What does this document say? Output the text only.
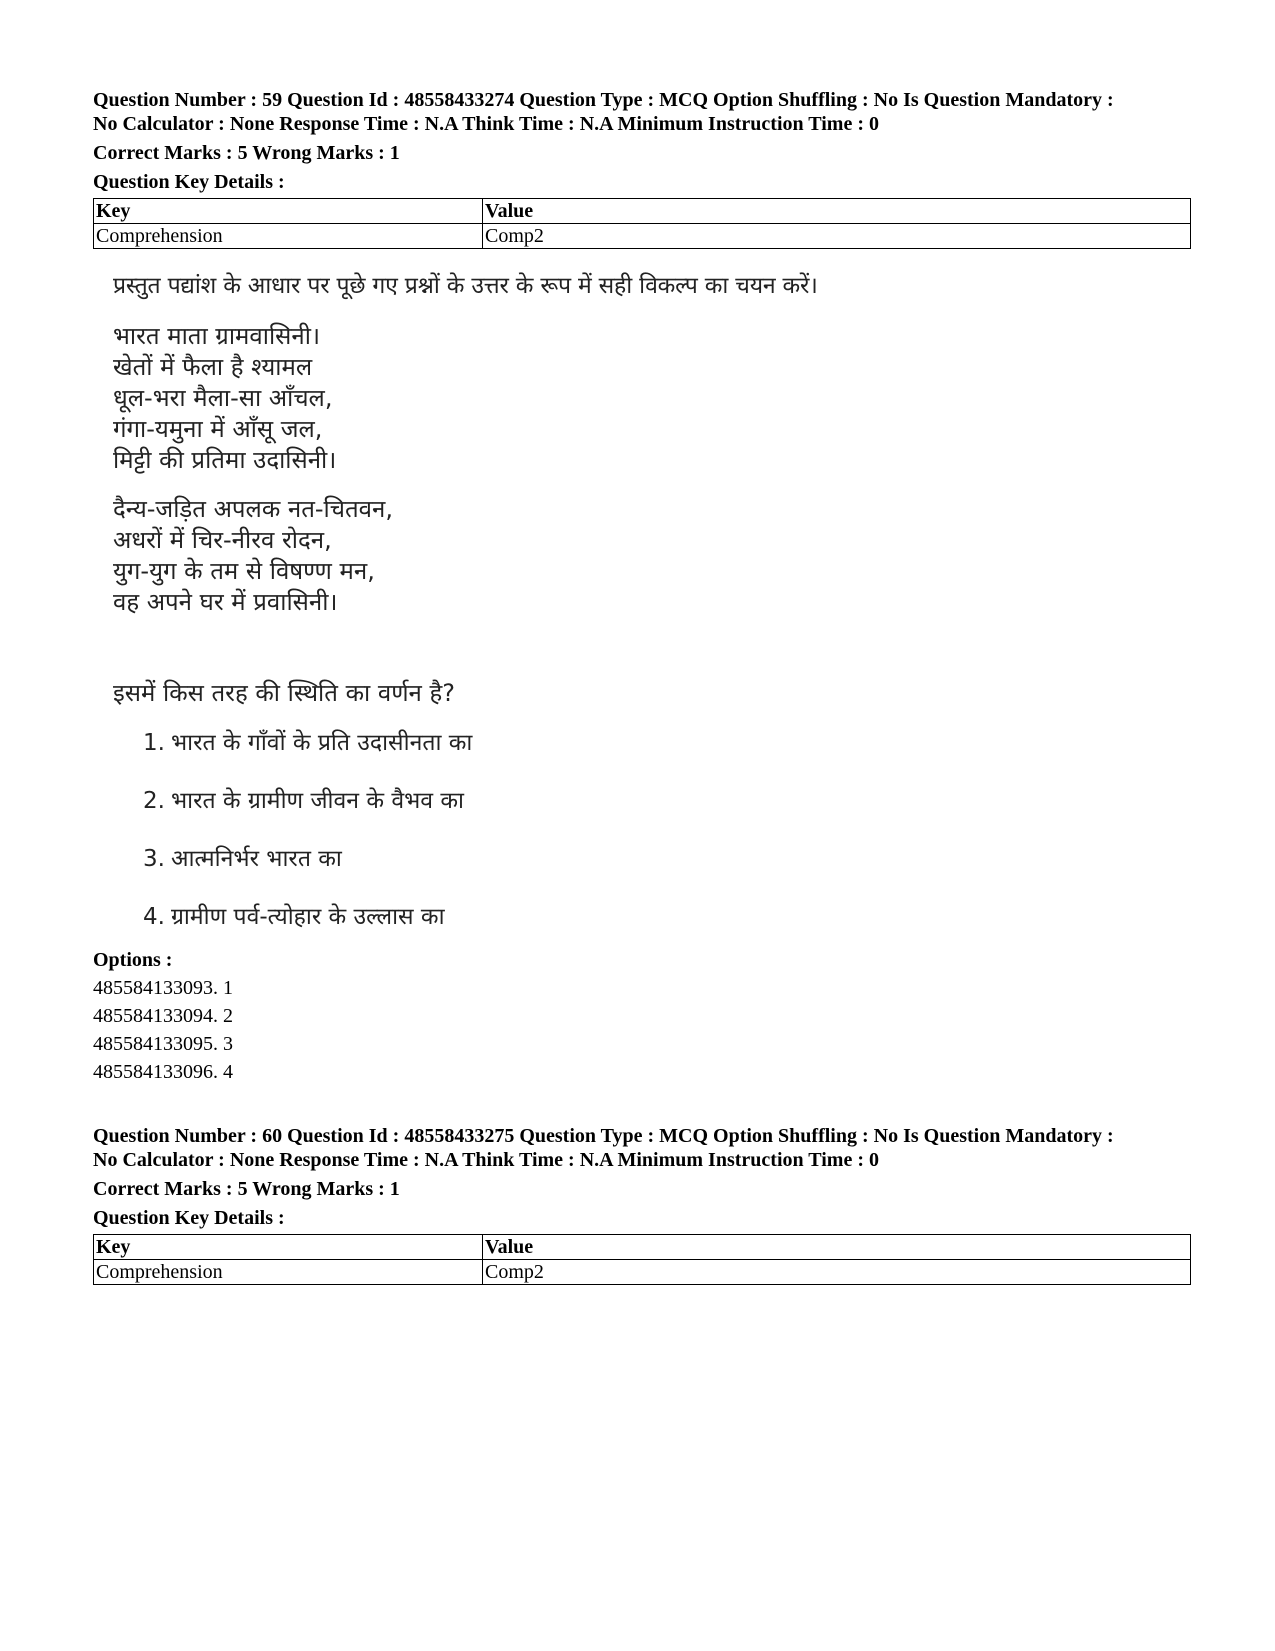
Question Number : 59 Question Id : 48558433274 Question Type : MCQ Option Shuffling : No Is Question Mandatory :
No Calculator : None Response Time : N.A Think Time : N.A Minimum Instruction Time : 0
Correct Marks : 5 Wrong Marks : 1
Question Key Details :
Key	Value
Comprehension	Comp2
प्रस्तुत पद्यांश के आधार पर पूछे गए प्रश्नों के उत्तर के रूप में सही विकल्प का चयन करें।
भारत माता ग्रामवासिनी।
खेतों में फैला है श्यामल
धूल-भरा मैला-सा आँचल,
गंगा-यमुना में आँसू जल,
मिट्टी की प्रतिमा उदासिनी।
दैन्य-जड़ित अपलक नत-चितवन,
अधरों में चिर-नीरव रोदन,
युग-युग के तम से विषण्ण मन,
वह अपने घर में प्रवासिनी।
इसमें किस तरह की स्थिति का वर्णन है?
1. भारत के गाँवों के प्रति उदासीनता का
2. भारत के ग्रामीण जीवन के वैभव का
3. आत्मनिर्भर भारत का
4. ग्रामीण पर्व-त्योहार के उल्लास का
Options :
485584133093. 1
485584133094. 2
485584133095. 3
485584133096. 4
Question Number : 60 Question Id : 48558433275 Question Type : MCQ Option Shuffling : No Is Question Mandatory :
No Calculator : None Response Time : N.A Think Time : N.A Minimum Instruction Time : 0
Correct Marks : 5 Wrong Marks : 1
Question Key Details :
Key	Value
Comprehension	Comp2
